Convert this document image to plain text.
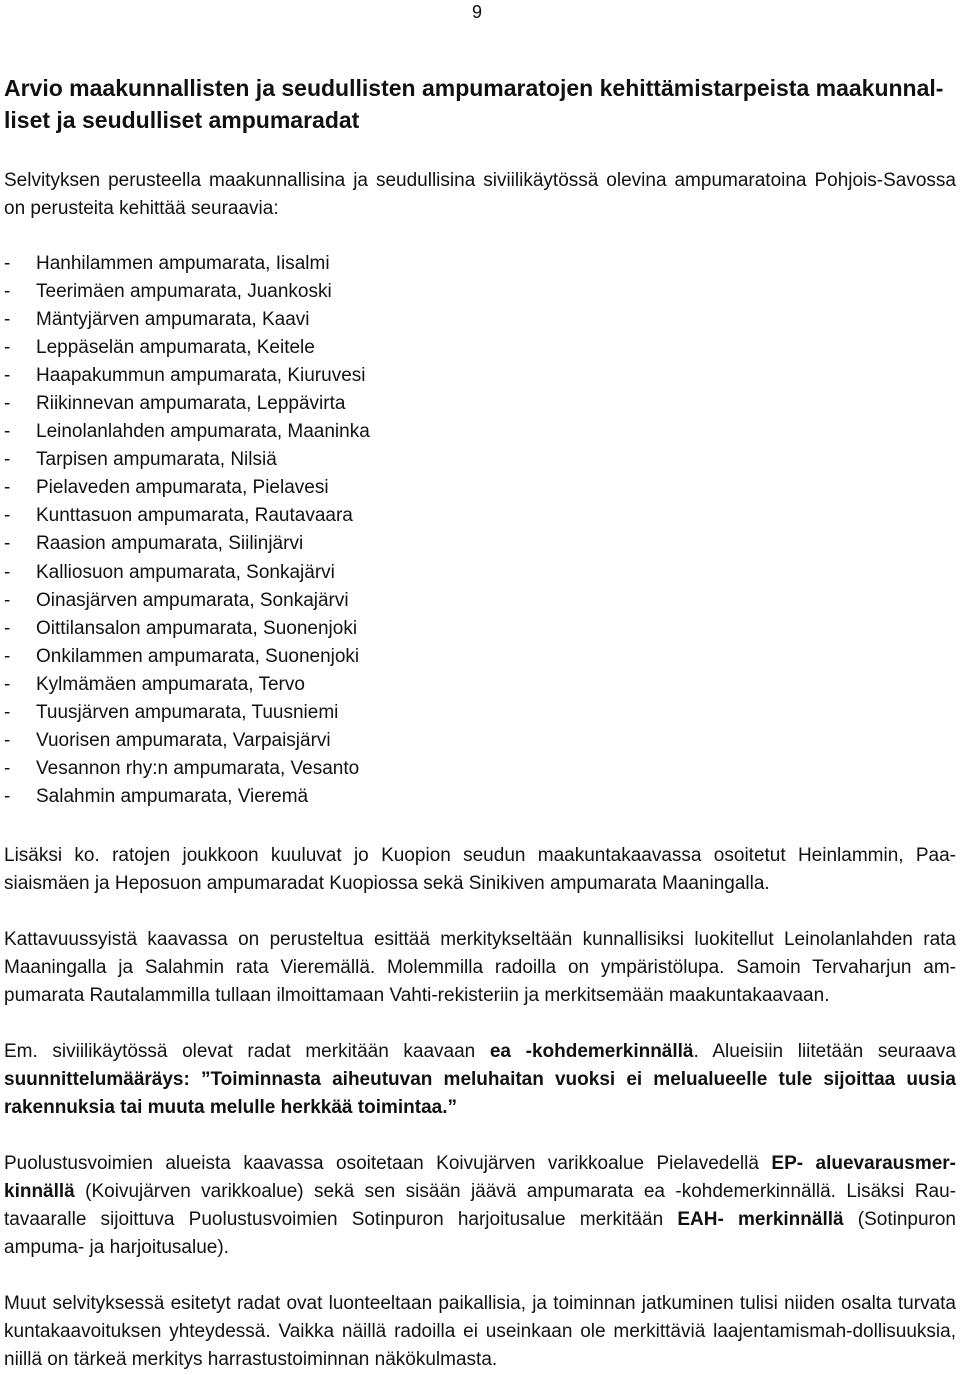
9
Arvio maakunnallisten ja seudullisten ampumaratojen kehittämistarpeista maakunnal-liset ja seudulliset ampumaradat

Selvityksen perusteella maakunnallisina ja seudullisina siviilikäytössä olevina ampumaratoina Pohjois-Savossa on perusteita kehittää seuraavia:

-	Hanhilammen ampumarata, Iisalmi
-	Teerimäen ampumarata, Juankoski
-	Mäntyjärven ampumarata, Kaavi
-	Leppäselän ampumarata, Keitele
-	Haapakummun ampumarata, Kiuruvesi
-	Riikinnevan ampumarata, Leppävirta
-	Leinolanlahden ampumarata, Maaninka
-	Tarpisen ampumarata, Nilsiä
-	Pielaveden ampumarata, Pielavesi
-	Kunttasuon ampumarata, Rautavaara
-	Raasion ampumarata, Siilinjärvi
-	Kalliosuon ampumarata, Sonkajärvi
-	Oinasjärven ampumarata, Sonkajärvi
-	Oittilansalon ampumarata, Suonenjoki
-	Onkilammen ampumarata, Suonenjoki
-	Kylmämäen ampumarata, Tervo
-	Tuusjärven ampumarata, Tuusniemi
-	Vuorisen ampumarata, Varpaisjärvi
-	Vesannon rhy:n ampumarata, Vesanto
-	Salahmin ampumarata, Vieremä

Lisäksi ko. ratojen joukkoon kuuluvat jo Kuopion seudun maakuntakaavassa osoitetut Heinlammin, Paa-siaismäen ja Heposuon ampumaradat Kuopiossa sekä Sinikiven ampumarata Maaningalla.

Kattavuussyistä kaavassa on perusteltua esittää merkitykseltään kunnallisiksi luokitellut Leinolanlahden rata Maaningalla ja Salahmin rata Vieremällä. Molemmilla radoilla on ympäristölupa. Samoin Tervaharjun am-pumarata Rautalammilla tullaan ilmoittamaan Vahti-rekisteriin ja merkitsemään maakuntakaavaan.

Em. siviilikäytössä olevat radat merkitään kaavaan ea -kohdemerkinnällä. Alueisiin liitetään seuraava suunnittelumääräys: ”Toiminnasta aiheutuvan meluhaitan vuoksi ei melualueelle tule sijoittaa uusia rakennuksia tai muuta melulle herkkää toimintaa.”

Puolustusvoimien alueista kaavassa osoitetaan Koivujärven varikkoalue Pielavedellä EP- aluevarausmer-kinnällä (Koivujärven varikkoalue) sekä sen sisään jäävä ampumarata ea -kohdemerkinnällä. Lisäksi Rau-tavaaralle sijoittuva Puolustusvoimien Sotinpuron harjoitusalue merkitään EAH- merkinnällä (Sotinpuron ampuma- ja harjoitusalue).

Muut selvityksessä esitetyt radat ovat luonteeltaan paikallisia, ja toiminnan jatkuminen tulisi niiden osalta turvata kuntakaavoituksen yhteydessä. Vaikka näillä radoilla ei useinkaan ole merkittäviä laajentamismah-dollisuuksia, niillä on tärkeä merkitys harrastustoiminnan näkökulmasta.
